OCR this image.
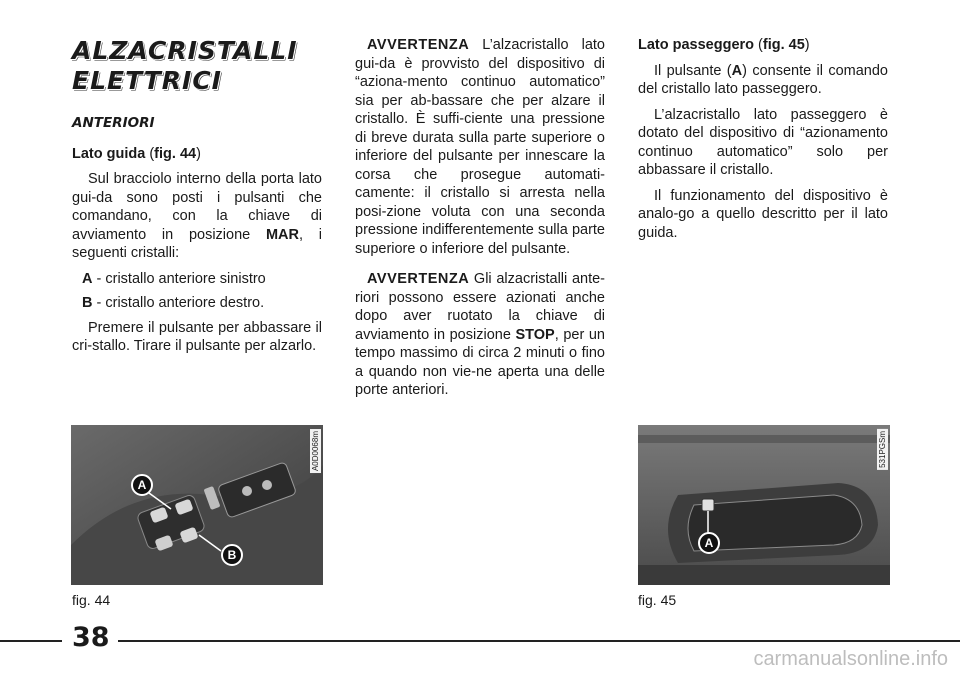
ALZACRISTALLI
ELETTRICI
ANTERIORI

Lato guida (fig. 44)

Sul bracciolo interno della porta lato gui-da sono posti i pulsanti che comandano, con la chiave di avviamento in posizione MAR, i seguenti cristalli:

A - cristallo anteriore sinistro

B - cristallo anteriore destro.

Premere il pulsante per abbassare il cri-stallo. Tirare il pulsante per alzarlo.

AVVERTENZA L’alzacristallo lato gui-da è provvisto del dispositivo di “aziona-mento continuo automatico” sia per ab-bassare che per alzare il cristallo. È suffi-ciente una pressione di breve durata sulla parte superiore o inferiore del pulsante per innescare la corsa che prosegue automati-camente: il cristallo si arresta nella posi-zione voluta con una seconda pressione indifferentemente sulla parte superiore o inferiore del pulsante.

AVVERTENZA Gli alzacristalli ante-riori possono essere azionati anche dopo aver ruotato la chiave di avviamento in posizione STOP, per un tempo massimo di circa 2 minuti o fino a quando non vie-ne aperta una delle porte anteriori.

Lato passeggero (fig. 45)

Il pulsante (A) consente il comando del cristallo lato passeggero.

L’alzacristallo lato passeggero è dotato del dispositivo di “azionamento continuo automatico” solo per abbassare il cristallo.

Il funzionamento del dispositivo è analo-go a quello descritto per il lato guida.

A
B
A0D0068m
fig. 44
A
531PGSm
fig. 45
38
carmanualsonline.info
